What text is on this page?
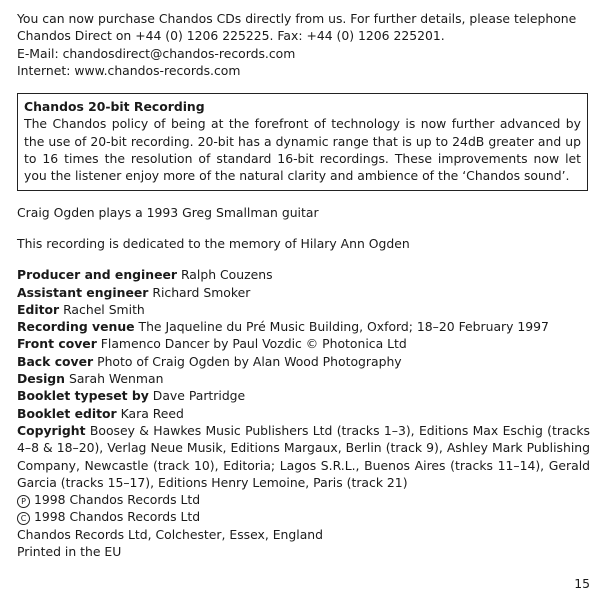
You can now purchase Chandos CDs directly from us. For further details, please telephone

Chandos Direct on +44 (0) 1206 225225. Fax: +44 (0) 1206 225201.

E-Mail: chandosdirect@chandos-records.com

Internet: www.chandos-records.com

Chandos 20-bit Recording
The Chandos policy of being at the forefront of technology is now further advanced by the use of 20-bit recording. 20-bit has a dynamic range that is up to 24dB greater and up to 16 times the resolution of standard 16-bit recordings. These improvements now let you the listener enjoy more of the natural clarity and ambience of the ‘Chandos sound’.

Craig Ogden plays a 1993 Greg Smallman guitar

This recording is dedicated to the memory of Hilary Ann Ogden

Producer and engineer Ralph Couzens

Assistant engineer Richard Smoker

Editor Rachel Smith

Recording venue The Jaqueline du Pré Music Building, Oxford; 18–20 February 1997

Front cover Flamenco Dancer by Paul Vozdic © Photonica Ltd

Back cover Photo of Craig Ogden by Alan Wood Photography

Design Sarah Wenman

Booklet typeset by Dave Partridge

Booklet editor Kara Reed

Copyright Boosey & Hawkes Music Publishers Ltd (tracks 1–3), Editions Max Eschig (tracks 4–8 & 18–20), Verlag Neue Musik, Editions Margaux, Berlin (track 9), Ashley Mark Publishing Company, Newcastle (track 10), Editoria; Lagos S.R.L., Buenos Aires (tracks 11–14), Gerald Garcia (tracks 15–17), Editions Henry Lemoine, Paris (track 21)

P 1998 Chandos Records Ltd

C 1998 Chandos Records Ltd

Chandos Records Ltd, Colchester, Essex, England

Printed in the EU

15
